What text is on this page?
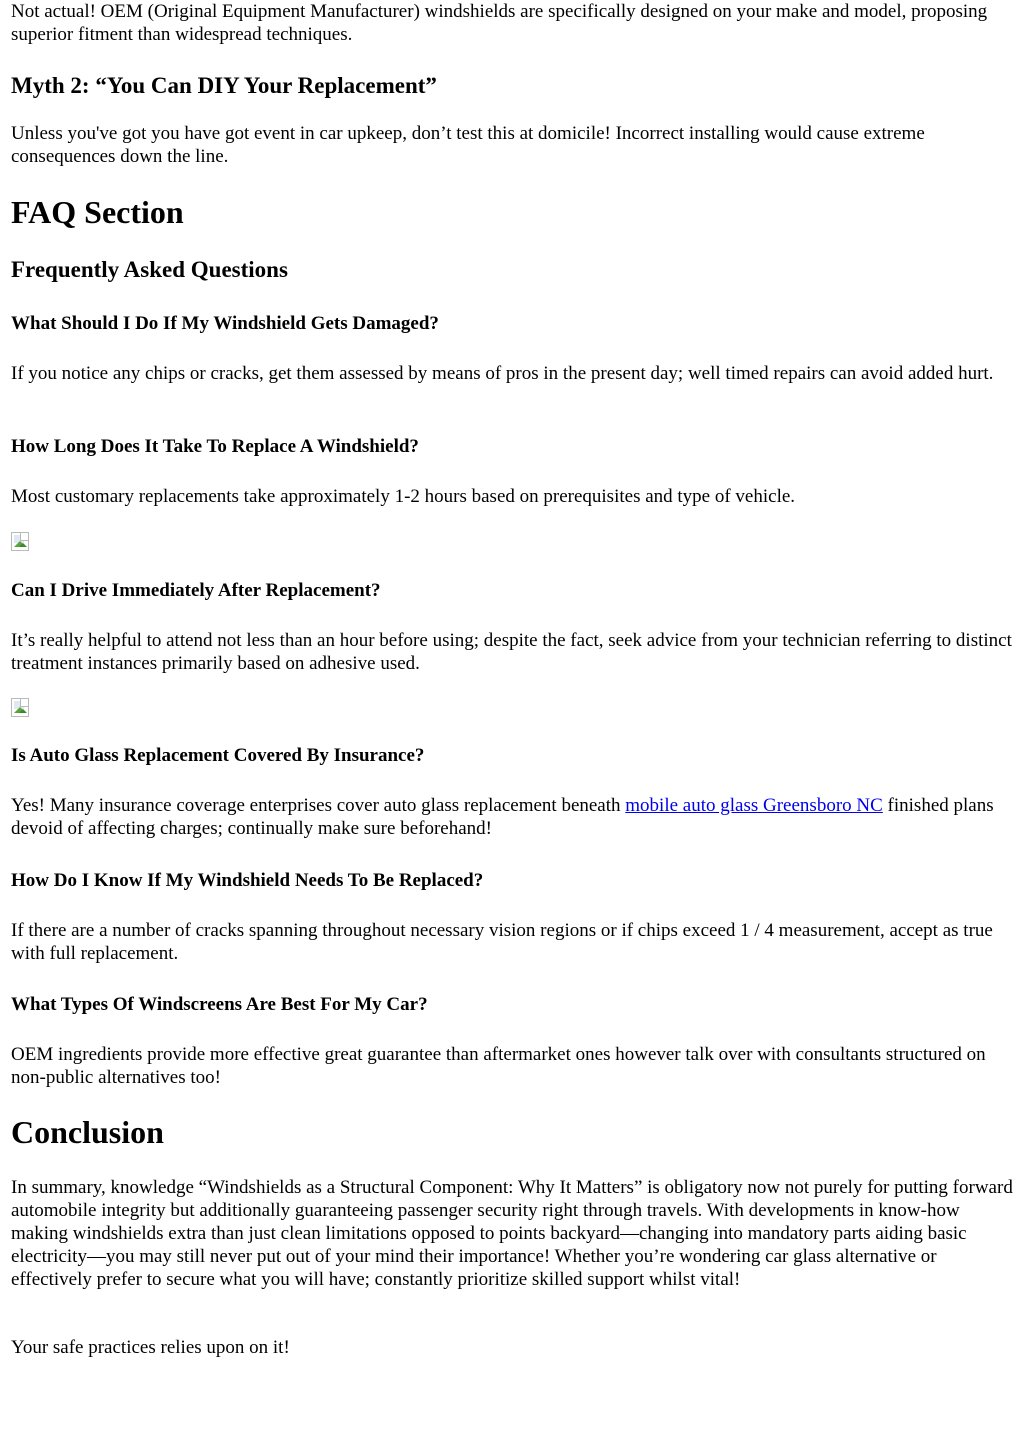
Not actual! OEM (Original Equipment Manufacturer) windshields are specifically designed on your make and model, proposing superior fitment than widespread techniques.

Myth 2: “You Can DIY Your Replacement”

Unless you've got you have got event in car upkeep, don’t test this at domicile! Incorrect installing would cause extreme consequences down the line.

FAQ Section
Frequently Asked Questions
What Should I Do If My Windshield Gets Damaged?

If you notice any chips or cracks, get them assessed by means of pros in the present day; well timed repairs can avoid added hurt.

How Long Does It Take To Replace A Windshield?

Most customary replacements take approximately 1-2 hours based on prerequisites and type of vehicle.

Can I Drive Immediately After Replacement?

It’s really helpful to attend not less than an hour before using; despite the fact, seek advice from your technician referring to distinct treatment instances primarily based on adhesive used.

Is Auto Glass Replacement Covered By Insurance?

Yes! Many insurance coverage enterprises cover auto glass replacement beneath mobile auto glass Greensboro NC finished plans devoid of affecting charges; continually make sure beforehand!

How Do I Know If My Windshield Needs To Be Replaced?

If there are a number of cracks spanning throughout necessary vision regions or if chips exceed 1 / 4 measurement, accept as true with full replacement.

What Types Of Windscreens Are Best For My Car?

OEM ingredients provide more effective great guarantee than aftermarket ones however talk over with consultants structured on non-public alternatives too!

Conclusion

In summary, knowledge “Windshields as a Structural Component: Why It Matters” is obligatory now not purely for putting forward automobile integrity but additionally guaranteeing passenger security right through travels. With developments in know-how making windshields extra than just clean limitations opposed to points backyard—changing into mandatory parts aiding basic electricity—you may still never put out of your mind their importance! Whether you’re wondering car glass alternative or effectively prefer to secure what you will have; constantly prioritize skilled support whilst vital!

Your safe practices relies upon on it!
